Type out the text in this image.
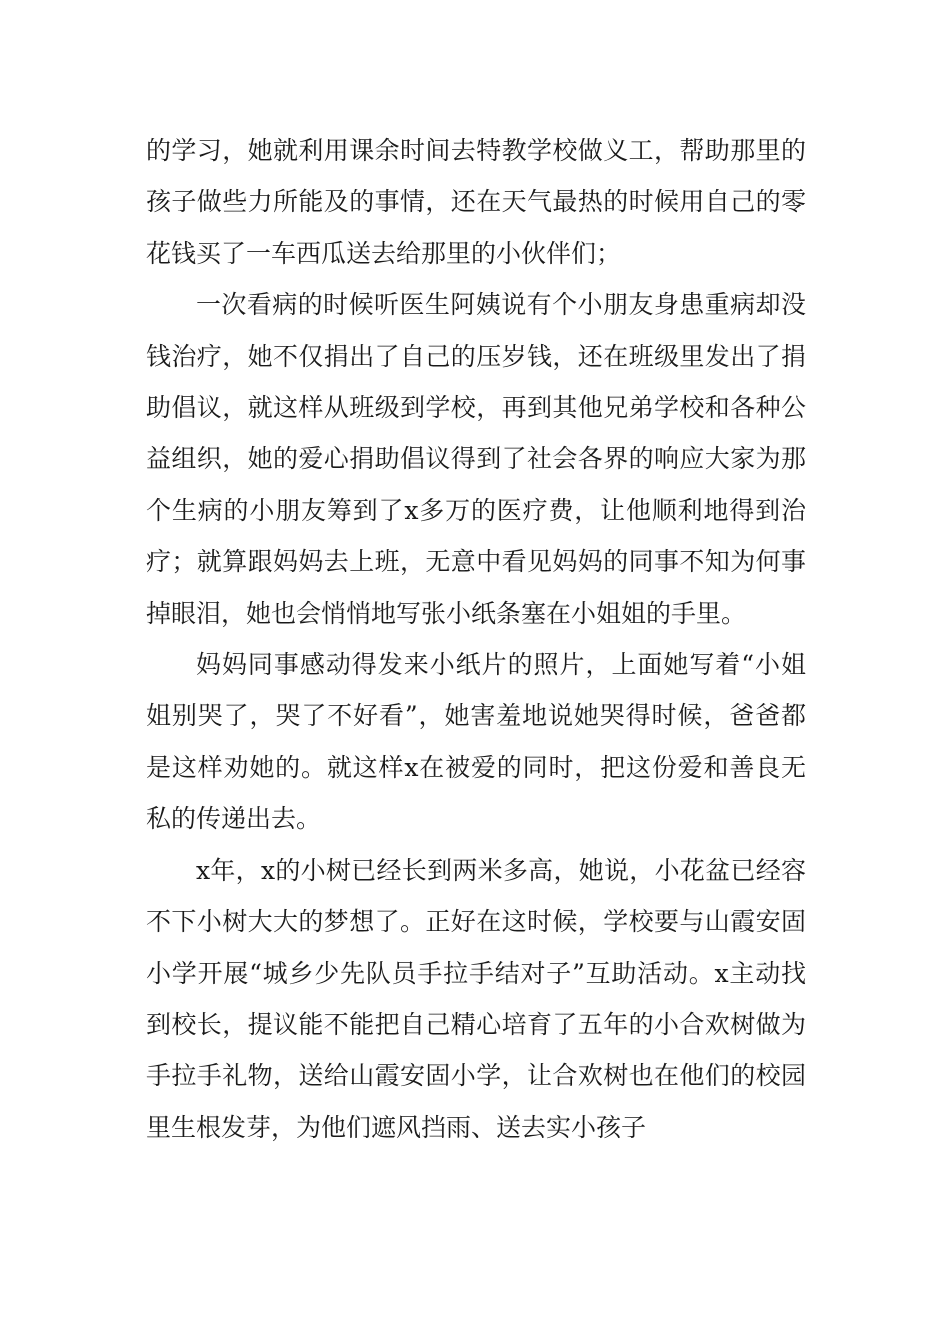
的学习，她就利用课余时间去特教学校做义工，帮助那里的孩子做些力所能及的事情，还在天气最热的时候用自己的零花钱买了一车西瓜送去给那里的小伙伴们；

一次看病的时候听医生阿姨说有个小朋友身患重病却没钱治疗，她不仅捐出了自己的压岁钱，还在班级里发出了捐助倡议，就这样从班级到学校，再到其他兄弟学校和各种公益组织，她的爱心捐助倡议得到了社会各界的响应大家为那个生病的小朋友筹到了x多万的医疗费，让他顺利地得到治疗；就算跟妈妈去上班，无意中看见妈妈的同事不知为何事掉眼泪，她也会悄悄地写张小纸条塞在小姐姐的手里。

妈妈同事感动得发来小纸片的照片，上面她写着“小姐姐别哭了，哭了不好看”，她害羞地说她哭得时候，爸爸都是这样劝她的。就这样x在被爱的同时，把这份爱和善良无私的传递出去。

x年，x的小树已经长到两米多高，她说，小花盆已经容不下小树大大的梦想了。正好在这时候，学校要与山霞安固小学开展“城乡少先队员手拉手结对子”互助活动。x主动找到校长，提议能不能把自己精心培育了五年的小合欢树做为手拉手礼物，送给山霞安固小学，让合欢树也在他们的校园里生根发芽，为他们遮风挡雨、送去实小孩子
